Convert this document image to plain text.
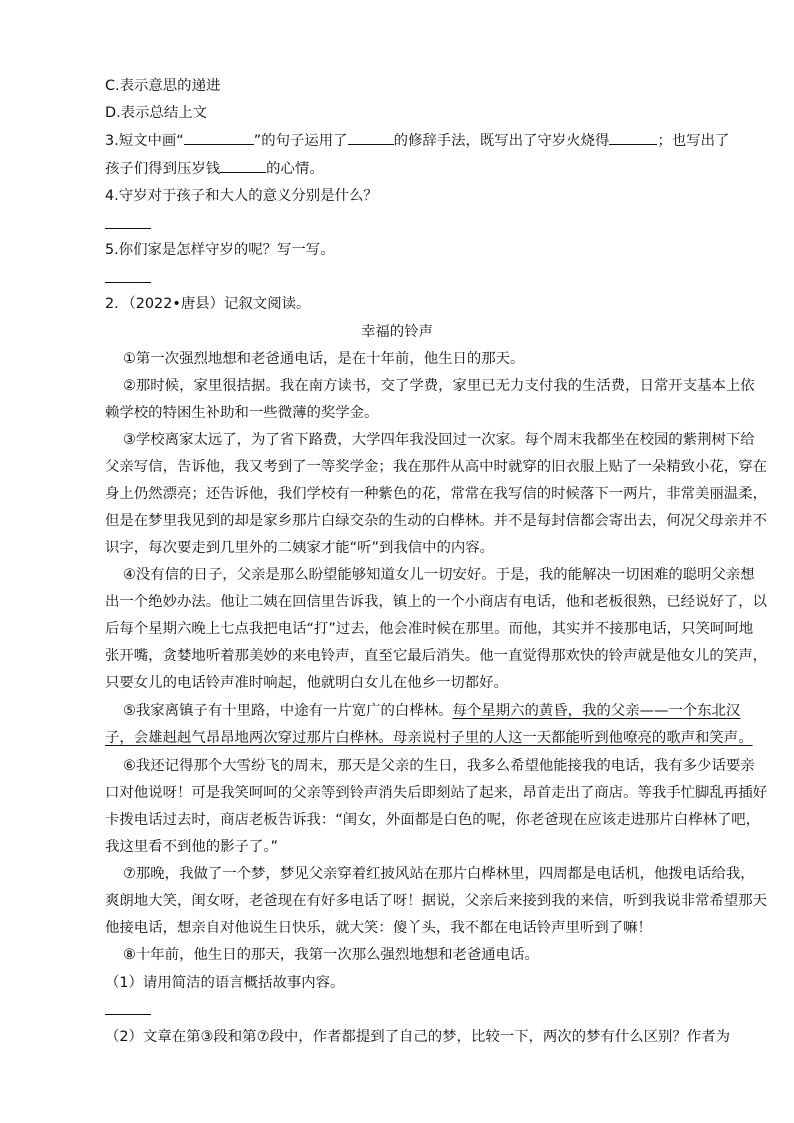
C.表示意思的递进
D.表示总结上文
3.短文中画“	”的句子运用了	的修辞手法，既写出了守岁火烧得	；也写出了
孩子们得到压岁钱	的心情。
4.守岁对于孩子和大人的意义分别是什么？
5.你们家是怎样守岁的呢？写一写。
2．（2022•唐县）记叙文阅读。
幸福的铃声
①第一次强烈地想和老爸通电话，是在十年前，他生日的那天。
②那时候，家里很拮据。我在南方读书，交了学费，家里已无力支付我的生活费，日常开支基本上依
赖学校的特困生补助和一些微薄的奖学金。
③学校离家太远了，为了省下路费，大学四年我没回过一次家。每个周末我都坐在校园的紫荆树下给
父亲写信，告诉他，我又考到了一等奖学金；我在那件从高中时就穿的旧衣服上贴了一朵精致小花，穿在
身上仍然漂亮；还告诉他，我们学校有一种紫色的花，常常在我写信的时候落下一两片，非常美丽温柔，
但是在梦里我见到的却是家乡那片白绿交杂的生动的白桦林。并不是每封信都会寄出去，何况父母亲并不
识字，每次要走到几里外的二姨家才能“听”到我信中的内容。
④没有信的日子，父亲是那么盼望能够知道女儿一切安好。于是，我的能解决一切困难的聪明父亲想
出一个绝妙办法。他让二姨在回信里告诉我，镇上的一个小商店有电话，他和老板很熟，已经说好了，以
后每个星期六晚上七点我把电话“打”过去，他会准时候在那里。而他，其实并不接那电话，只笑呵呵地
张开嘴，贪婪地听着那美妙的来电铃声，直至它最后消失。他一直觉得那欢快的铃声就是他女儿的笑声，
只要女儿的电话铃声准时响起，他就明白女儿在他乡一切都好。
⑤我家离镇子有十里路，中途有一片宽广的白桦林。每个星期六的黄昏，我的父亲——一个东北汉
子，会雄赳赳气昂昂地两次穿过那片白桦林。母亲说村子里的人这一天都能听到他嘹亮的歌声和笑声。
⑥我还记得那个大雪纷飞的周末，那天是父亲的生日，我多么希望他能接我的电话，我有多少话要亲
口对他说呀！可是我笑呵呵的父亲等到铃声消失后即刻站了起来，昂首走出了商店。等我手忙脚乱再插好
卡拨电话过去时，商店老板告诉我：“闺女，外面都是白色的呢，你老爸现在应该走进那片白桦林了吧，
我这里看不到他的影子了。”
⑦那晚，我做了一个梦，梦见父亲穿着红披风站在那片白桦林里，四周都是电话机，他拨电话给我，
爽朗地大笑，闺女呀，老爸现在有好多电话了呀！据说，父亲后来接到我的来信，听到我说非常希望那天
他接电话，想亲自对他说生日快乐，就大笑：傻丫头，我不都在电话铃声里听到了嘛！
⑧十年前，他生日的那天，我第一次那么强烈地想和老爸通电话。
（1）请用简洁的语言概括故事内容。
（2）文章在第③段和第⑦段中，作者都提到了自己的梦，比较一下，两次的梦有什么区别？作者为
